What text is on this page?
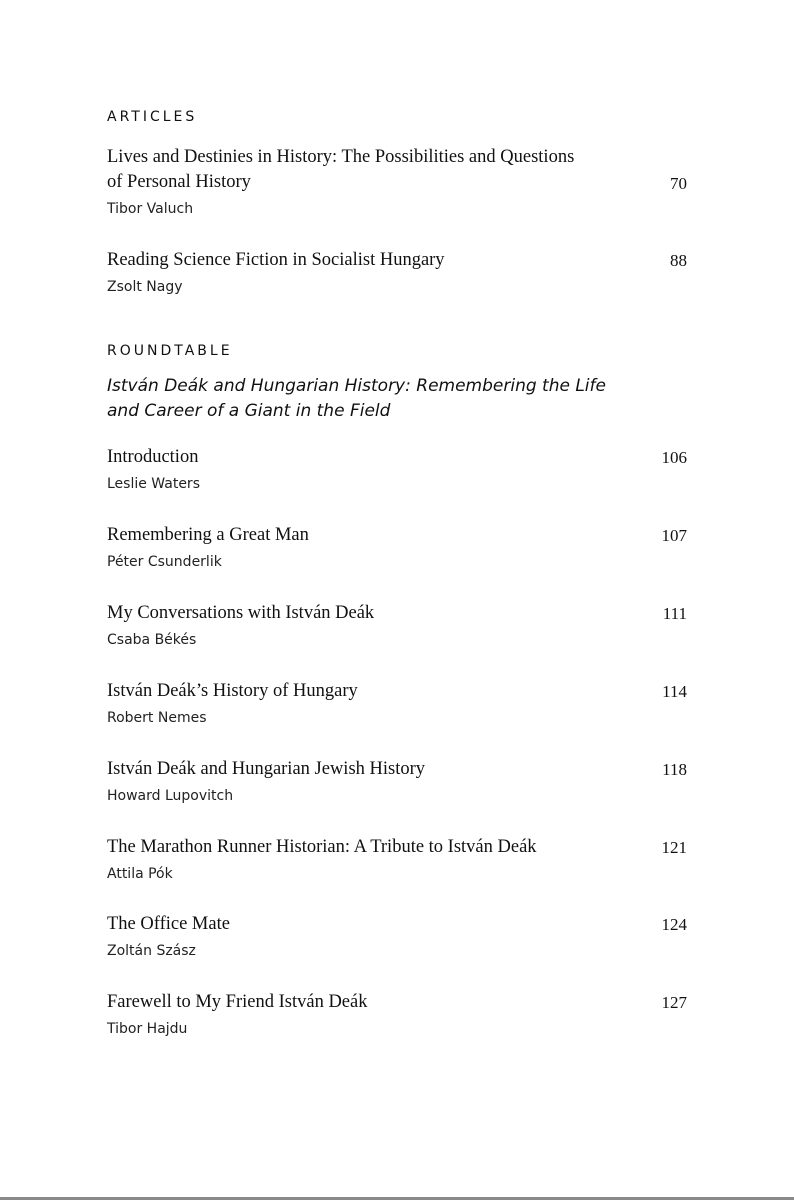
ARTICLES
Lives and Destinies in History: The Possibilities and Questions
of Personal History
Tibor Valuch
70
Reading Science Fiction in Socialist Hungary
Zsolt Nagy
88
ROUNDTABLE

István Deák and Hungarian History: Remembering the Life
and Career of a Giant in the Field

Introduction
Leslie Waters
106
Remembering a Great Man
Péter Csunderlik
107
My Conversations with István Deák
Csaba Békés
111
István Deák’s History of Hungary
Robert Nemes
114
István Deák and Hungarian Jewish History
Howard Lupovitch
118
The Marathon Runner Historian: A Tribute to István Deák
Attila Pók
121
The Office Mate
Zoltán Szász
124
Farewell to My Friend István Deák
Tibor Hajdu
127
